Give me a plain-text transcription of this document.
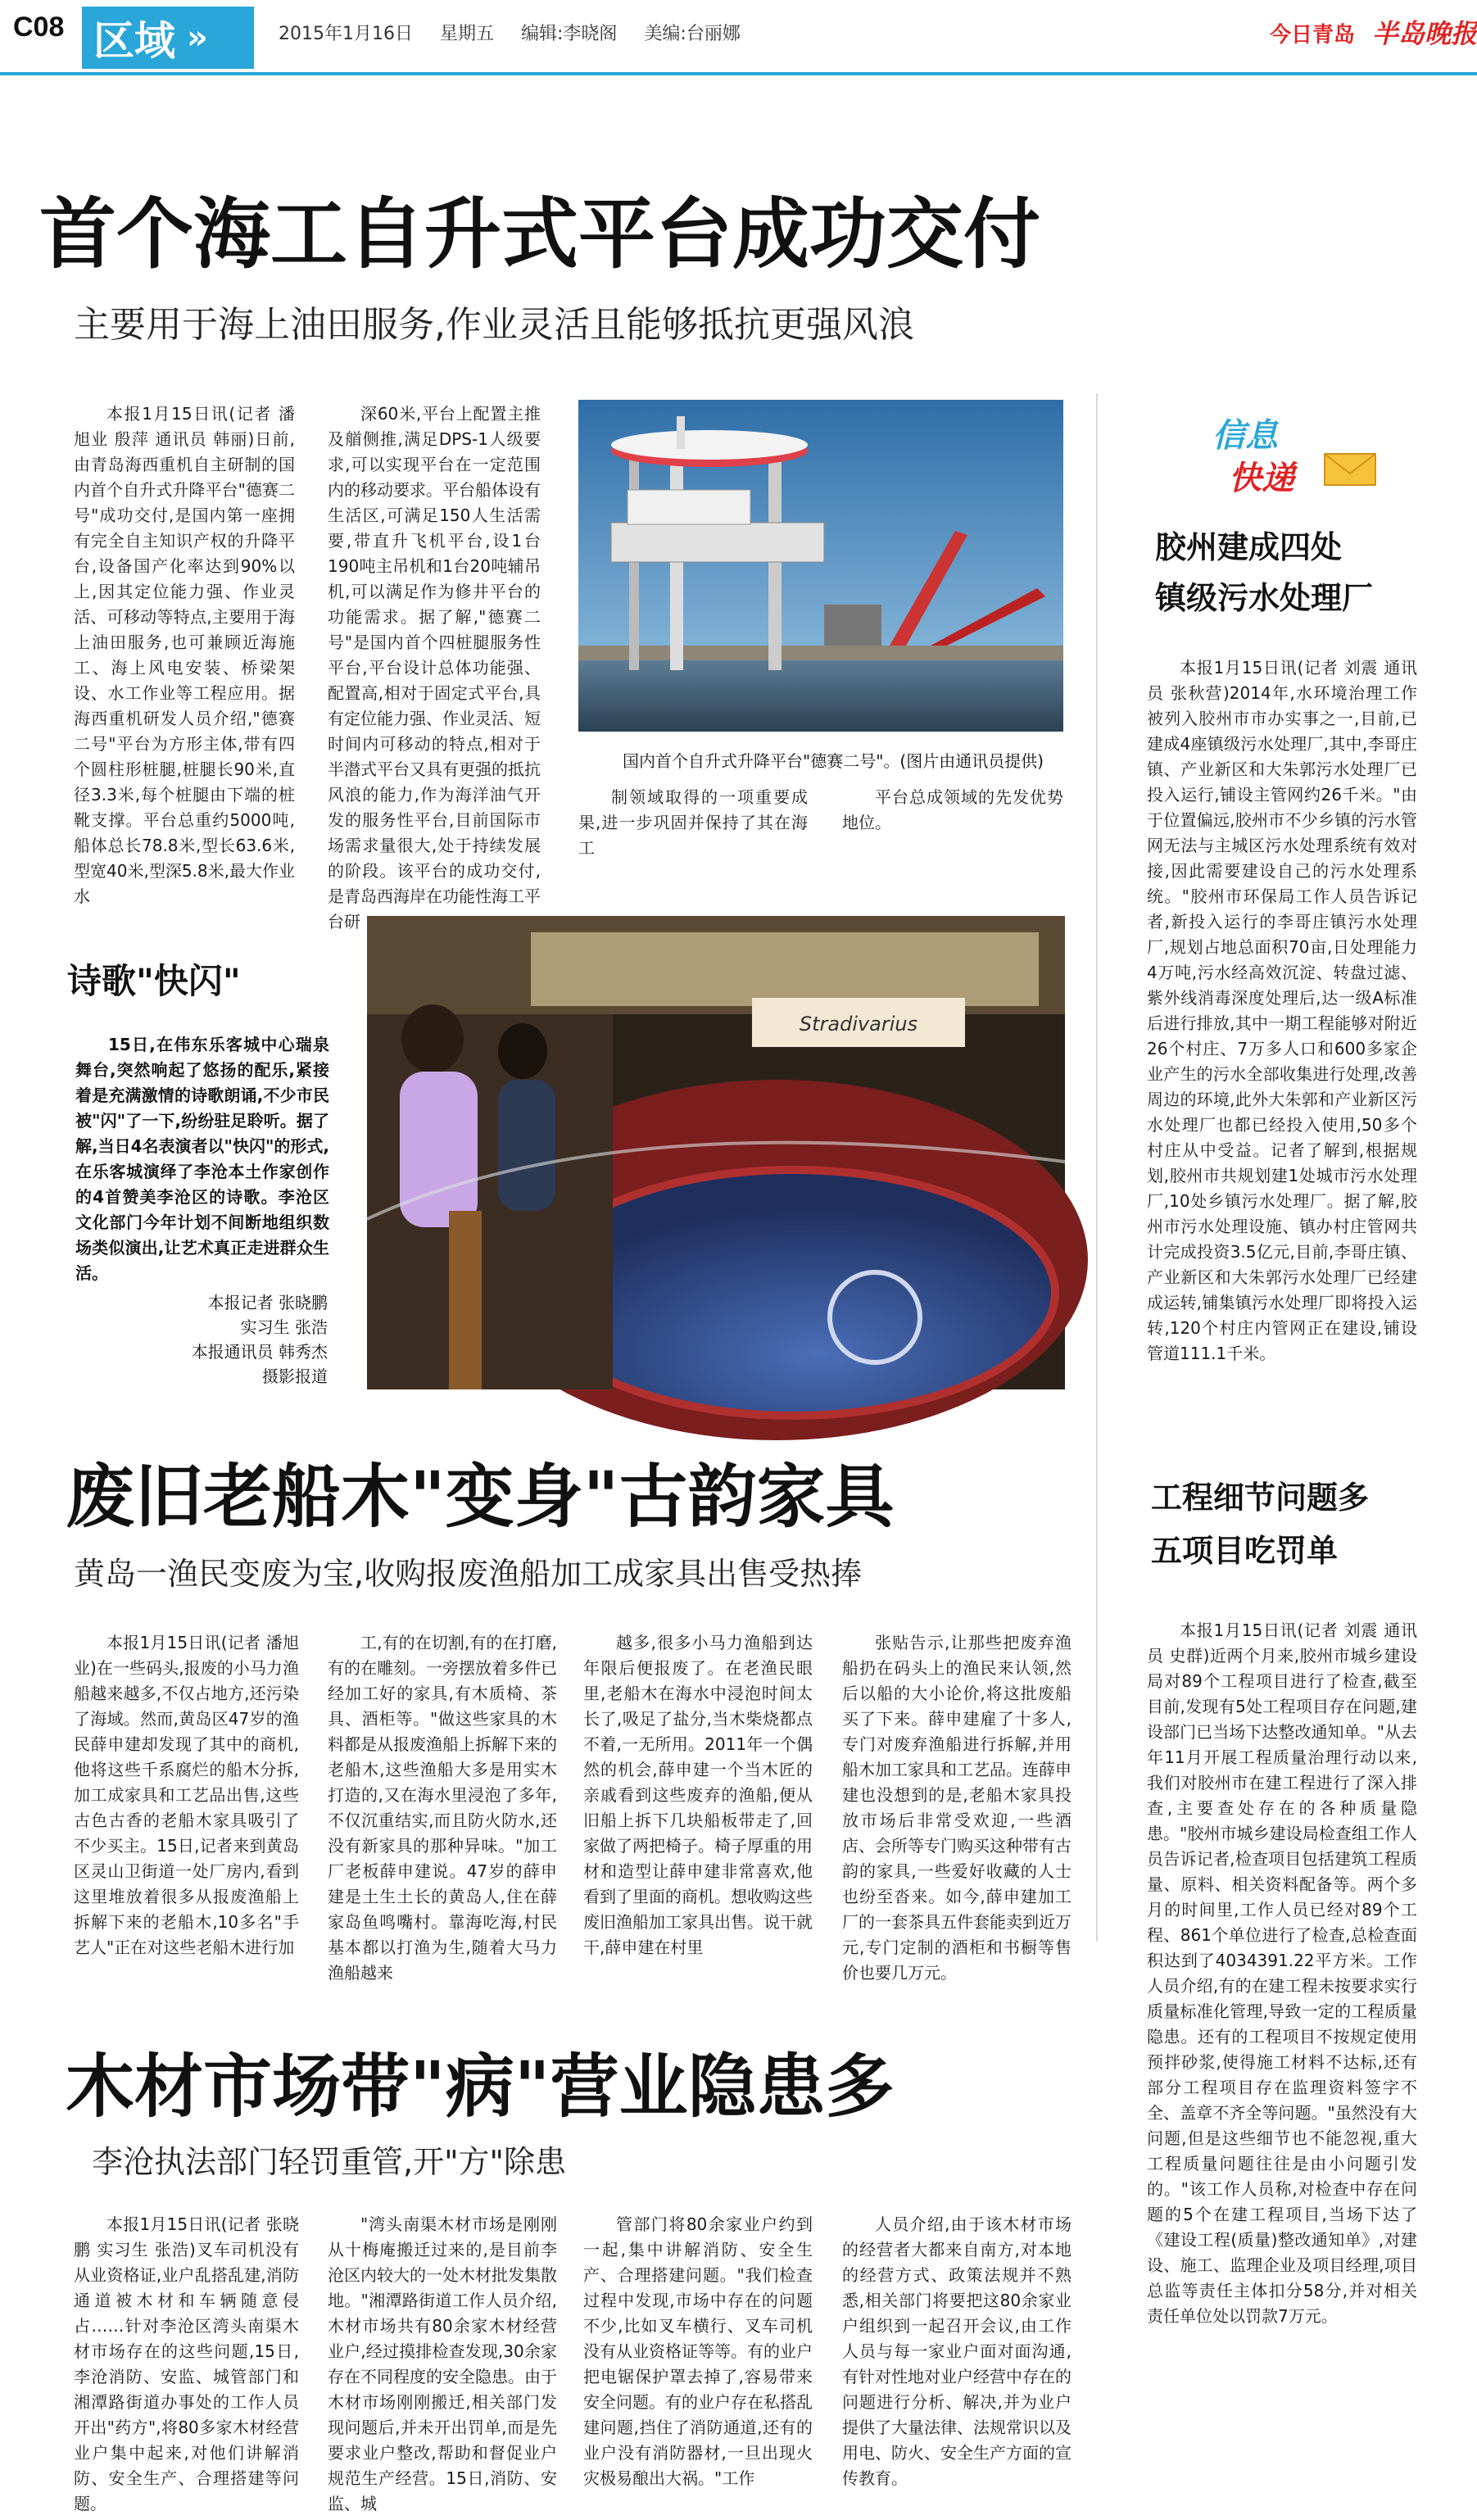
C08 区域 »	2015年1月16日 星期五 编辑:李晓阁 美编:台丽娜	今日青岛 半岛晚报
首个海工自升式平台成功交付
主要用于海上油田服务,作业灵活且能够抵抗更强风浪

本报1月15日讯(记者 潘旭业 殷萍 通讯员 韩丽)日前,由青岛海西重机自主研制的国内首个自升式升降平台"德赛二号"成功交付,是国内第一座拥有完全自主知识产权的升降平台,设备国产化率达到90%以上,因其定位能力强、作业灵活、可移动等特点,主要用于海上油田服务,也可兼顾近海施工、海上风电安装、桥梁架设、水工作业等工程应用。据海西重机研发人员介绍,"德赛二号"平台为方形主体,带有四个圆柱形桩腿,桩腿长90米,直径3.3米,每个桩腿由下端的桩靴支撑。平台总重约5000吨,船体总长78.8米,型长63.6米,型宽40米,型深5.8米,最大作业水

深60米,平台上配置主推及艏侧推,满足DPS-1人级要求,可以实现平台在一定范围内的移动要求。平台船体设有生活区,可满足150人生活需要,带直升飞机平台,设1台190吨主吊机和1台20吨辅吊机,可以满足作为修井平台的功能需求。据了解,"德赛二号"是国内首个四桩腿服务性平台,平台设计总体功能强、配置高,相对于固定式平台,具有定位能力强、作业灵活、短时间内可移动的特点,相对于半潜式平台又具有更强的抵抗风浪的能力,作为海洋油气开发的服务性平台,目前国际市场需求量很大,处于持续发展的阶段。该平台的成功交付,是青岛西海岸在功能性海工平台研

国内首个自升式升降平台"德赛二号"。(图片由通讯员提供)

制领域取得的一项重要成果,进一步巩固并保持了其在海工

平台总成领域的先发优势地位。

信息
快递
胶州建成四处
镇级污水处理厂

本报1月15日讯(记者 刘震 通讯员 张秋营)2014年,水环境治理工作被列入胶州市市办实事之一,目前,已建成4座镇级污水处理厂,其中,李哥庄镇、产业新区和大朱郭污水处理厂已投入运行,铺设主管网约26千米。"由于位置偏远,胶州市不少乡镇的污水管网无法与主城区污水处理系统有效对接,因此需要建设自己的污水处理系统。"胶州市环保局工作人员告诉记者,新投入运行的李哥庄镇污水处理厂,规划占地总面积70亩,日处理能力4万吨,污水经高效沉淀、转盘过滤、紫外线消毒深度处理后,达一级A标准后进行排放,其中一期工程能够对附近26个村庄、7万多人口和600多家企业产生的污水全部收集进行处理,改善周边的环境,此外大朱郭和产业新区污水处理厂也都已经投入使用,50多个村庄从中受益。记者了解到,根据规划,胶州市共规划建1处城市污水处理厂,10处乡镇污水处理厂。据了解,胶州市污水处理设施、镇办村庄管网共计完成投资3.5亿元,目前,李哥庄镇、产业新区和大朱郭污水处理厂已经建成运转,铺集镇污水处理厂即将投入运转,120个村庄内管网正在建设,铺设管道111.1千米。

工程细节问题多
五项目吃罚单

本报1月15日讯(记者 刘震 通讯员 史群)近两个月来,胶州市城乡建设局对89个工程项目进行了检查,截至目前,发现有5处工程项目存在问题,建设部门已当场下达整改通知单。"从去年11月开展工程质量治理行动以来,我们对胶州市在建工程进行了深入排查,主要查处存在的各种质量隐患。"胶州市城乡建设局检查组工作人员告诉记者,检查项目包括建筑工程质量、原料、相关资料配备等。两个多月的时间里,工作人员已经对89个工程、861个单位进行了检查,总检查面积达到了4034391.22平方米。工作人员介绍,有的在建工程未按要求实行质量标准化管理,导致一定的工程质量隐患。还有的工程项目不按规定使用预拌砂浆,使得施工材料不达标,还有部分工程项目存在监理资料签字不全、盖章不齐全等问题。"虽然没有大问题,但是这些细节也不能忽视,重大工程质量问题往往是由小问题引发的。"该工作人员称,对检查中存在问题的5个在建工程项目,当场下达了《建设工程(质量)整改通知单》,对建设、施工、监理企业及项目经理,项目总监等责任主体扣分58分,并对相关责任单位处以罚款7万元。

Stradivarius
诗歌"快闪"

15日,在伟东乐客城中心瑞泉舞台,突然响起了悠扬的配乐,紧接着是充满激情的诗歌朗诵,不少市民被"闪"了一下,纷纷驻足聆听。据了解,当日4名表演者以"快闪"的形式,在乐客城演绎了李沧本土作家创作的4首赞美李沧区的诗歌。李沧区文化部门今年计划不间断地组织数场类似演出,让艺术真正走进群众生活。

本报记者 张晓鹏
实习生 张浩
本报通讯员 韩秀杰
摄影报道
废旧老船木"变身"古韵家具
黄岛一渔民变废为宝,收购报废渔船加工成家具出售受热捧

本报1月15日讯(记者 潘旭业)在一些码头,报废的小马力渔船越来越多,不仅占地方,还污染了海域。然而,黄岛区47岁的渔民薛申建却发现了其中的商机,他将这些千系腐烂的船木分拆,加工成家具和工艺品出售,这些古色古香的老船木家具吸引了不少买主。15日,记者来到黄岛区灵山卫街道一处厂房内,看到这里堆放着很多从报废渔船上拆解下来的老船木,10多名"手艺人"正在对这些老船木进行加

工,有的在切割,有的在打磨,有的在雕刻。一旁摆放着多件已经加工好的家具,有木质椅、茶具、酒柜等。"做这些家具的木料都是从报废渔船上拆解下来的老船木,这些渔船大多是用实木打造的,又在海水里浸泡了多年,不仅沉重结实,而且防火防水,还没有新家具的那种异味。"加工厂老板薛申建说。47岁的薛申建是土生土长的黄岛人,住在薛家岛鱼鸣嘴村。靠海吃海,村民基本都以打渔为生,随着大马力渔船越来

越多,很多小马力渔船到达年限后便报废了。在老渔民眼里,老船木在海水中浸泡时间太长了,吸足了盐分,当木柴烧都点不着,一无所用。2011年一个偶然的机会,薛申建一个当木匠的亲戚看到这些废弃的渔船,便从旧船上拆下几块船板带走了,回家做了两把椅子。椅子厚重的用材和造型让薛申建非常喜欢,他看到了里面的商机。想收购这些废旧渔船加工家具出售。说干就干,薛申建在村里

张贴告示,让那些把废弃渔船扔在码头上的渔民来认领,然后以船的大小论价,将这批废船买了下来。薛申建雇了十多人,专门对废弃渔船进行拆解,并用船木加工家具和工艺品。连薛申建也没想到的是,老船木家具投放市场后非常受欢迎,一些酒店、会所等专门购买这种带有古韵的家具,一些爱好收藏的人士也纷至沓来。如今,薛申建加工厂的一套茶具五件套能卖到近万元,专门定制的酒柜和书橱等售价也要几万元。

木材市场带"病"营业隐患多
李沧执法部门轻罚重管,开"方"除患

本报1月15日讯(记者 张晓鹏 实习生 张浩)叉车司机没有从业资格证,业户乱搭乱建,消防通道被木材和车辆随意侵占……针对李沧区湾头南渠木材市场存在的这些问题,15日,李沧消防、安监、城管部门和湘潭路街道办事处的工作人员开出"药方",将80多家木材经营业户集中起来,对他们讲解消防、安全生产、合理搭建等问题。

"湾头南渠木材市场是刚刚从十梅庵搬迁过来的,是目前李沧区内较大的一处木材批发集散地。"湘潭路街道工作人员介绍,木材市场共有80余家木材经营业户,经过摸排检查发现,30余家存在不同程度的安全隐患。由于木材市场刚刚搬迁,相关部门发现问题后,并未开出罚单,而是先要求业户整改,帮助和督促业户规范生产经营。15日,消防、安监、城

管部门将80余家业户约到一起,集中讲解消防、安全生产、合理搭建问题。"我们检查过程中发现,市场中存在的问题不少,比如叉车横行、叉车司机没有从业资格证等等。有的业户把电锯保护罩去掉了,容易带来安全问题。有的业户存在私搭乱建问题,挡住了消防通道,还有的业户没有消防器材,一旦出现火灾极易酿出大祸。"工作

人员介绍,由于该木材市场的经营者大都来自南方,对本地的经营方式、政策法规并不熟悉,相关部门将要把这80余家业户组织到一起召开会议,由工作人员与每一家业户面对面沟通,有针对性地对业户经营中存在的问题进行分析、解决,并为业户提供了大量法律、法规常识以及用电、防火、安全生产方面的宣传教育。
